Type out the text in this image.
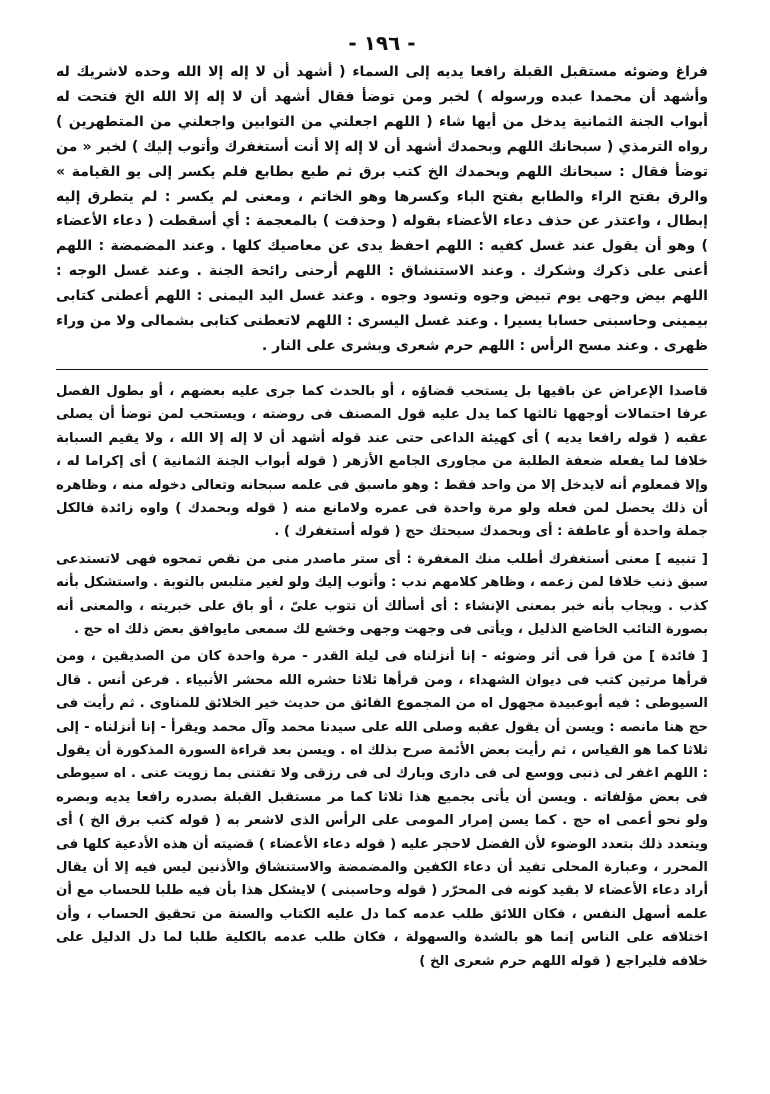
- ١٩٦ -

فراغ وضوئه مستقبل القبلة رافعا يديه إلى السماء ( أشهد أن لا إله إلا الله وحده لاشريك له وأشهد أن محمدا عبده ورسوله ) لخبر ومن توضأ فقال أشهد أن لا إله إلا الله الخ فتحت له أبواب الجنة الثمانية يدخل من أيها شاء ( اللهم اجعلني من التوابين واجعلني من المتطهرين ) رواه الترمذي ( سبحانك اللهم وبحمدك أشهد أن لا إله إلا أنت أستغفرك وأتوب إليك ) لخبر « من توضأ فقال : سبحانك اللهم وبحمدك الخ كتب برق ثم طبع بطابع فلم يكسر إلى يو القيامة » والرق بفتح الراء والطابع بفتح الباء وكسرها وهو الخاتم ، ومعنى لم يكسر : لم يتطرق إليه إبطال ، واعتذر عن حذف دعاء الأعضاء بقوله ( وحذفت ) بالمعجمة : أي أسقطت ( دعاء الأعضاء ) وهو أن يقول عند غسل كفيه : اللهم احفظ يدى عن معاصيك كلها . وعند المضمضة : اللهم أعنى على ذكرك وشكرك . وعند الاستنشاق : اللهم أرحنى رائحة الجنة . وعند غسل الوجه : اللهم بيض وجهى يوم تبيض وجوه وتسود وجوه . وعند غسل اليد اليمنى : اللهم أعطنى كتابى بيمينى وحاسبنى حسابا يسيرا . وعند غسل اليسرى : اللهم لاتعطنى كتابى بشمالى ولا من وراء ظهرى . وعند مسح الرأس : اللهم حرم شعرى وبشرى على النار .

قاصدا الإعراض عن باقيها بل يستحب قضاؤه ، أو بالحدث كما جرى عليه بعضهم ، أو بطول الفصل عرفا احتمالات أوجهها ثالثها كما يدل عليه قول المصنف فى روضته ، ويستحب لمن توضأ أن يصلى عقبه ( قوله رافعا يديه ) أى كهيئة الداعى حتى عند قوله أشهد أن لا إله إلا الله ، ولا يقيم السبابة خلافا لما يفعله ضعفة الطلبة من مجاورى الجامع الأزهر ( قوله أبواب الجنة الثمانية ) أى إكراما له ، وإلا فمعلوم أنه لايدخل إلا من واحد فقط : وهو ماسبق فى علمه سبحانه وتعالى دخوله منه ، وظاهره أن ذلك يحصل لمن فعله ولو مرة واحدة فى عمره ولامانع منه ( قوله وبحمدك ) واوه زائدة فالكل جملة واحدة أو عاطفة : أى وبحمدك سبحتك حج ( قوله أستغفرك ) .

[ تنبيه ] معنى أستغفرك أطلب منك المغفرة : أى ستر ماصدر منى من نقص تمحوه فهى لاتستدعى سبق ذنب خلافا لمن زعمه ، وظاهر كلامهم ندب : وأتوب إليك ولو لغير متلبس بالتوبة . واستشكل بأنه كذب . ويجاب بأنه خبر بمعنى الإنشاء : أى أسألك أن تتوب علىّ ، أو باق على خبريته ، والمعنى أنه بصورة التائب الخاضع الذليل ، ويأتى فى وجهت وجهى وخشع لك سمعى مايوافق بعض ذلك اه حج .

[ فائدة ] من قرأ فى أثر وضوئه - إنا أنزلناه فى ليلة القدر - مرة واحدة كان من الصديقين ، ومن قرأها مرتين كتب فى ديوان الشهداء ، ومن قرأها ثلاثا حشره الله محشر الأنبياء . فرعن أنس . قال السيوطى : فيه أبوعبيدة مجهول اه من المجموع الفائق من حديث خير الخلائق للمناوى . ثم رأيت فى حج هنا مانصه : ويسن أن يقول عقبه وصلى الله على سيدنا محمد وآل محمد ويقرأ - إنا أنزلناه - إلى ثلاثا كما هو القياس ، ثم رأيت بعض الأئمة صرح بذلك اه . ويسن بعد قراءة السورة المذكورة أن يقول : اللهم اغفر لى ذنبى ووسع لى فى دارى وبارك لى فى رزقى ولا تفتنى بما زويت عنى . اه سيوطى فى بعض مؤلفاته . ويسن أن يأتى بجميع هذا ثلاثا كما مر مستقبل القبلة بصدره رافعا يديه وبصره ولو نحو أعمى اه حج . كما يسن إمرار المومى على الرأس الذى لاشعر به ( قوله كتب برق الخ ) أى ويتعدد ذلك بتعدد الوضوء لأن الفضل لاحجر عليه ( قوله دعاء الأعضاء ) قضيته أن هذه الأدعية كلها فى المحرر ، وعبارة المحلى تفيد أن دعاء الكفين والمضمضة والاستنشاق والأذنين ليس فيه إلا أن يقال أراد دعاء الأعضاء لا بقيد كونه فى المحرّر ( قوله وحاسبنى ) لايشكل هذا بأن فيه طلبا للحساب مع أن علمه أسهل النفس ، فكان اللائق طلب عدمه كما دل عليه الكتاب والسنة من تحقيق الحساب ، وأن اختلافه على الناس إنما هو بالشدة والسهولة ، فكان طلب عدمه بالكلية طلبا لما دل الدليل على خلافه فليراجع ( قوله اللهم حرم شعرى الخ )
